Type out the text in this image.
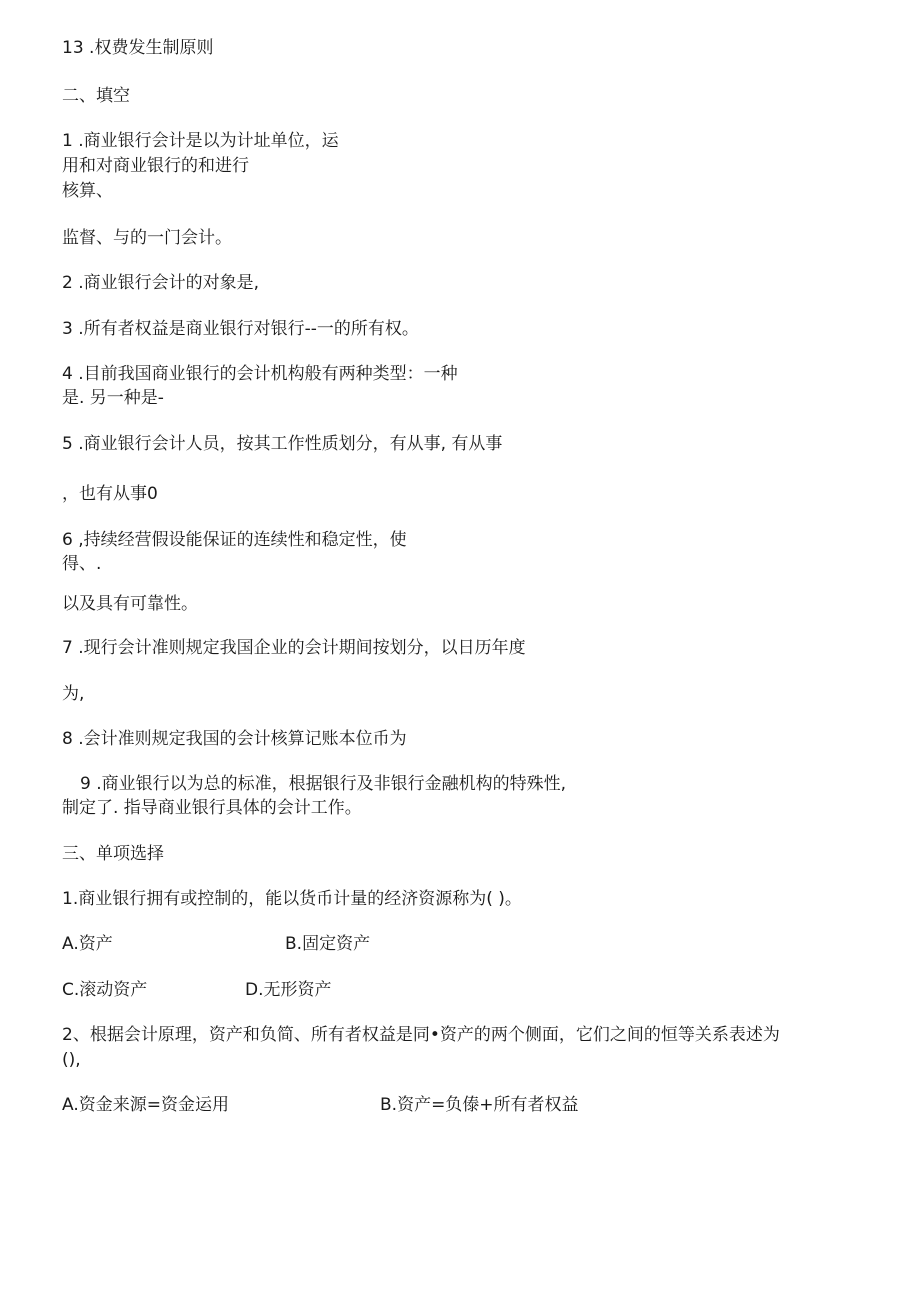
13 .权费发生制原则
二、填空
1 .商业银行会计是以为计址单位，运
用和对商业银行的和进行
核算、
监督、与的一门会计。
2 .商业银行会计的对象是,
3 .所有者权益是商业银行对银行--一的所有权。
4 .目前我国商业银行的会计机构般有两种类型：一种
是. 另一种是-
5 .商业银行会计人员，按其工作性质划分，有从事, 有从事
，也有从事0
6 ,持续经营假设能保证的连续性和稳定性，使
得、.
以及具有可靠性。
7 .现行会计准则规定我国企业的会计期间按划分，以日历年度
为,
8 .会计准则规定我国的会计核算记账本位币为
9 .商业银行以为总的标准，根据银行及非银行金融机构的特殊性,
制定了. 指导商业银行具体的会计工作。
三、单项选择
1.商业银行拥有或控制的，能以货币计量的经济资源称为( )。
A.资产	B.固定资产
C.滚动资产	D.无形资产
2、根据会计原理，资产和负简、所有者权益是同•资产的两个侧面，它们之间的恒等关系表述为
(),
A.资金来源=资金运用	B.资产=负傣+所有者权益
